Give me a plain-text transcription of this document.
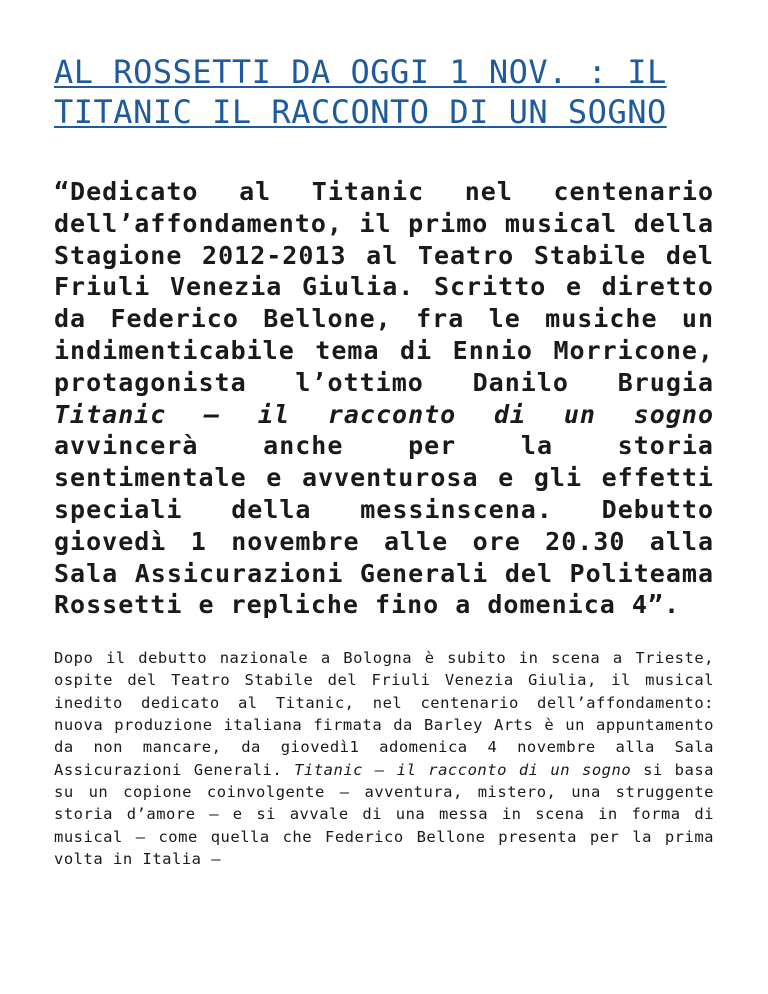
AL ROSSETTI DA OGGI 1 NOV. : IL TITANIC IL RACCONTO DI UN SOGNO

“Dedicato al Titanic nel centenario dell’affondamento, il primo musical della Stagione 2012-2013 al Teatro Stabile del Friuli Venezia Giulia. Scritto e diretto da Federico Bellone, fra le musiche un indimenticabile tema di Ennio Morricone, protagonista l’ottimo Danilo Brugia Titanic – il racconto di un sogno avvincerà anche per la storia sentimentale e avventurosa e gli effetti speciali della messinscena. Debutto giovedì 1 novembre alle ore 20.30 alla Sala Assicurazioni Generali del Politeama Rossetti e repliche fino a domenica 4”.

Dopo il debutto nazionale a Bologna è subito in scena a Trieste, ospite del Teatro Stabile del Friuli Venezia Giulia, il musical inedito dedicato al Titanic, nel centenario dell’affondamento: nuova produzione italiana firmata da Barley Arts è un appuntamento da non mancare, da giovedì1 adomenica 4 novembre alla Sala Assicurazioni Generali. Titanic – il racconto di un sogno si basa su un copione coinvolgente – avventura, mistero, una struggente storia d’amore – e si avvale di una messa in scena in forma di musical – come quella che Federico Bellone presenta per la prima volta in Italia –
